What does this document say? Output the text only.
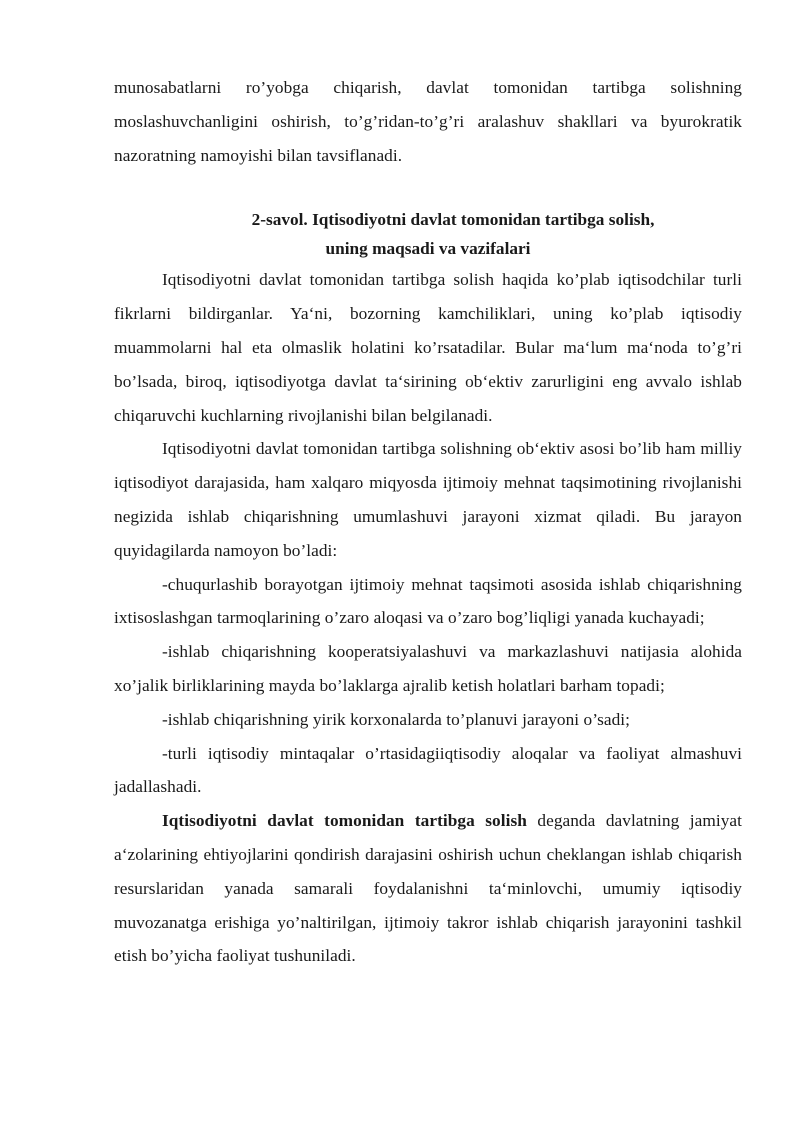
munosabatlarni ro’yobga chiqarish, davlat tomonidan tartibga solishning moslashuvchanligini oshirish, to’g’ridan-to’g’ri aralashuv shakllari va byurokratik nazoratning namoyishi bilan tavsiflanadi.

2-savol. Iqtisodiyotni davlat tomonidan tartibga solish,
uning maqsadi va vazifalari

Iqtisodiyotni davlat tomonidan tartibga solish haqida ko’plab iqtisodchilar turli fikrlarni bildirganlar. Ya‘ni, bozorning kamchiliklari, uning ko’plab iqtisodiy muammolarni hal eta olmaslik holatini ko’rsatadilar. Bular ma‘lum ma‘noda to’g’ri bo’lsada, biroq, iqtisodiyotga davlat ta‘sirining ob‘ektiv zarurligini eng avvalo ishlab chiqaruvchi kuchlarning rivojlanishi bilan belgilanadi.

Iqtisodiyotni davlat tomonidan tartibga solishning ob‘ektiv asosi bo’lib ham milliy iqtisodiyot darajasida, ham xalqaro miqyosda ijtimoiy mehnat taqsimotining rivojlanishi negizida ishlab chiqarishning umumlashuvi jarayoni xizmat qiladi. Bu jarayon quyidagilarda namoyon bo’ladi:

-chuqurlashib borayotgan ijtimoiy mehnat taqsimoti asosida ishlab chiqarishning ixtisoslashgan tarmoqlarining o’zaro aloqasi va o’zaro bog’liqligi yanada kuchayadi;

-ishlab chiqarishning kooperatsiyalashuvi va markazlashuvi natijasia alohida xo’jalik birliklarining mayda bo’laklarga ajralib ketish holatlari barham topadi;

-ishlab chiqarishning yirik korxonalarda to’planuvi jarayoni o’sadi;

-turli iqtisodiy mintaqalar o’rtasidagiiqtisodiy aloqalar va faoliyat almashuvi jadallashadi.

Iqtisodiyotni davlat tomonidan tartibga solish deganda davlatning jamiyat a‘zolarining ehtiyojlarini qondirish darajasini oshirish uchun cheklangan ishlab chiqarish resurslaridan yanada samarali foydalanishni ta‘minlovchi, umumiy iqtisodiy muvozanatga erishiga yo’naltirilgan, ijtimoiy takror ishlab chiqarish jarayonini tashkil etish bo’yicha faoliyat tushuniladi.
